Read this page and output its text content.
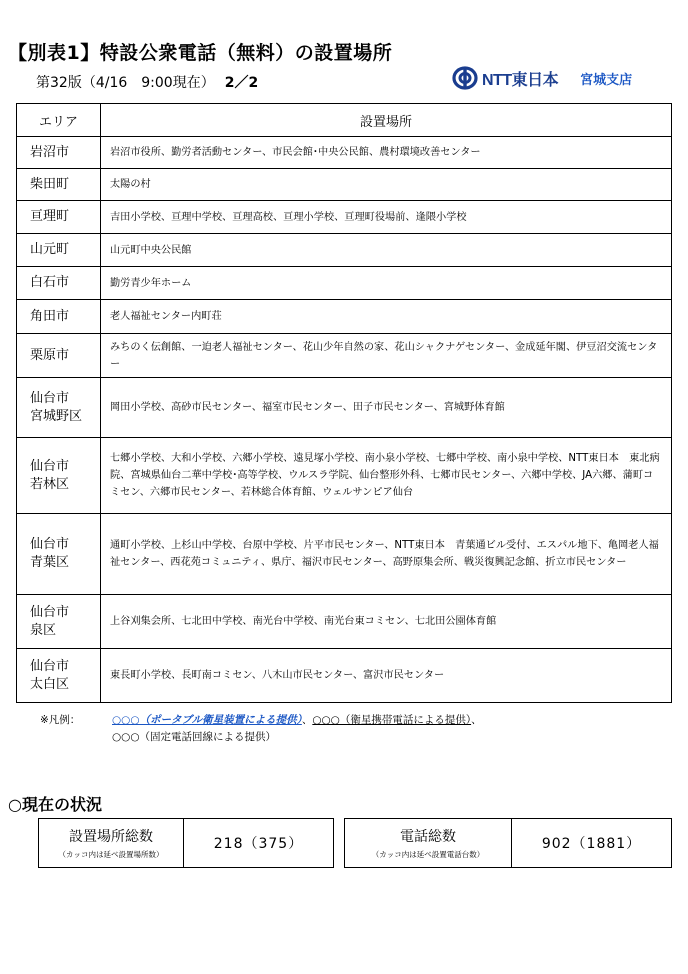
【別表1】特設公衆電話（無料）の設置場所
第32版（4/16　9:00現在） 2／2	NTT東日本 宮城支店
エリア	設置場所
岩沼市	岩沼市役所、勤労者活動センター、市民会館･中央公民館、農村環境改善センター
柴田町	太陽の村
亘理町	吉田小学校、亘理中学校、亘理高校、亘理小学校、亘理町役場前、逢隈小学校
山元町	山元町中央公民館
白石市	勤労青少年ホーム
角田市	老人福祉センター内町荘
栗原市	みちのく伝創館、一迫老人福祉センター、花山少年自然の家、花山シャクナゲセンター、金成延年閣、伊豆沼交流センター
仙台市
宮城野区	岡田小学校、高砂市民センター、福室市民センター、田子市民センター、宮城野体育館
仙台市
若林区	七郷小学校、大和小学校、六郷小学校、遠見塚小学校、南小泉小学校、七郷中学校、南小泉中学校、NTT東日本　東北病院、宮城県仙台二華中学校･高等学校、ウルスラ学院、仙台整形外科、七郷市民センター、六郷中学校、JA六郷、蒲町コミセン、六郷市民センター、若林総合体育館、ウェルサンピア仙台
仙台市
青葉区	通町小学校、上杉山中学校、台原中学校、片平市民センター、NTT東日本　青葉通ビル受付、エスパル地下、亀岡老人福祉センター、西花苑コミュニティ、県庁、福沢市民センター、高野原集会所、戦災復興記念館、折立市民センター
仙台市
泉区	上谷刈集会所、七北田中学校、南光台中学校、南光台東コミセン、七北田公園体育館
仙台市
太白区	東長町小学校、長町南コミセン、八木山市民センター、富沢市民センター
※凡例：	○○○（ポータブル衛星装置による提供）、○○○（衛星携帯電話による提供）、
○○○（固定電話回線による提供）
○現在の状況
設置場所総数
（カッコ内は延べ設置場所数）
218（375）	電話総数
（カッコ内は延べ設置電話台数）
902（1881）
